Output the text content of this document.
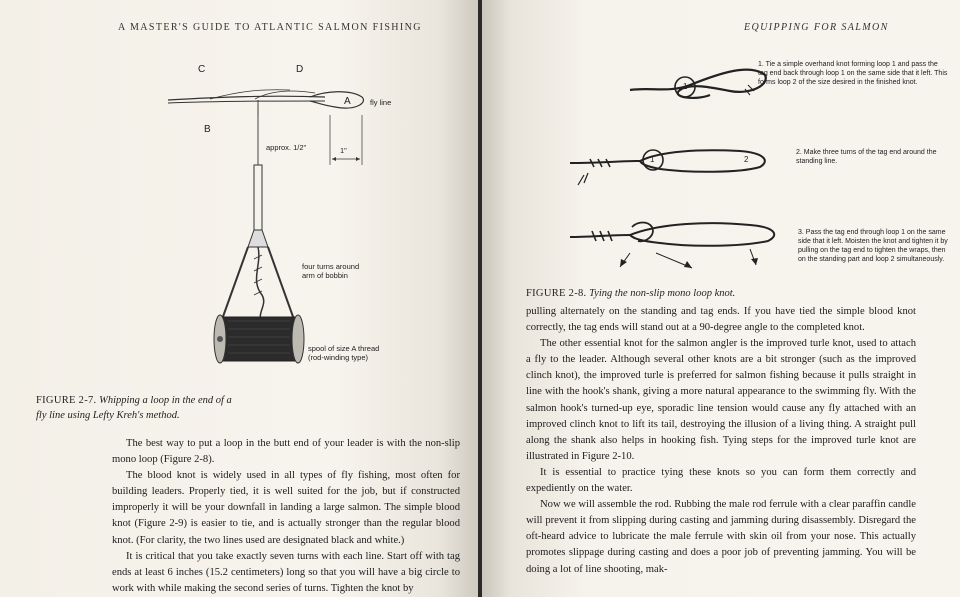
A MASTER'S GUIDE TO ATLANTIC SALMON FISHING
C	D
A
B
fly line
approx. 1/2"	1"
four turns around
arm of bobbin
spool of size A thread
(rod-winding type)
FIGURE 2-7. Whipping a loop in the end of a
fly line using Lefty Kreh's method.

The best way to put a loop in the butt end of your leader is with the non-slip mono loop (Figure 2-8).

The blood knot is widely used in all types of fly fishing, most often for building leaders. Properly tied, it is well suited for the job, but if constructed improperly it will be your downfall in landing a large salmon. The simple blood knot (Figure 2-9) is easier to tie, and is actually stronger than the regular blood knot. (For clarity, the two lines used are designated black and white.)

It is critical that you take exactly seven turns with each line. Start off with tag ends at least 6 inches (15.2 centimeters) long so that you will have a big circle to work with while making the second series of turns. Tighten the knot by

EQUIPPING FOR SALMON
1
1	2
1. Tie a simple overhand knot forming loop 1 and pass the tag end back through loop 1 on the same side that it left. This forms loop 2 of the size desired in the finished knot.
2. Make three turns of the tag end around the standing line.
3. Pass the tag end through loop 1 on the same side that it left. Moisten the knot and tighten it by pulling on the tag end to tighten the wraps, then on the standing part and loop 2 simultaneously.
FIGURE 2-8. Tying the non-slip mono loop knot.

pulling alternately on the standing and tag ends. If you have tied the simple blood knot correctly, the tag ends will stand out at a 90-degree angle to the completed knot.

The other essential knot for the salmon angler is the improved turle knot, used to attach a fly to the leader. Although several other knots are a bit stronger (such as the improved clinch knot), the improved turle is preferred for salmon fishing because it pulls straight in line with the hook's shank, giving a more natural appearance to the swimming fly. With the salmon hook's turned-up eye, sporadic line tension would cause any fly attached with an improved clinch knot to lift its tail, destroying the illusion of a living thing. A straight pull along the shank also helps in hooking fish. Tying steps for the improved turle knot are illustrated in Figure 2-10.

It is essential to practice tying these knots so you can form them correctly and expediently on the water.

Now we will assemble the rod. Rubbing the male rod ferrule with a clear paraffin candle will prevent it from slipping during casting and jamming during disassembly. Disregard the oft-heard advice to lubricate the male ferrule with skin oil from your nose. This actually promotes slippage during casting and does a poor job of preventing jamming. You will be doing a lot of line shooting, mak-
